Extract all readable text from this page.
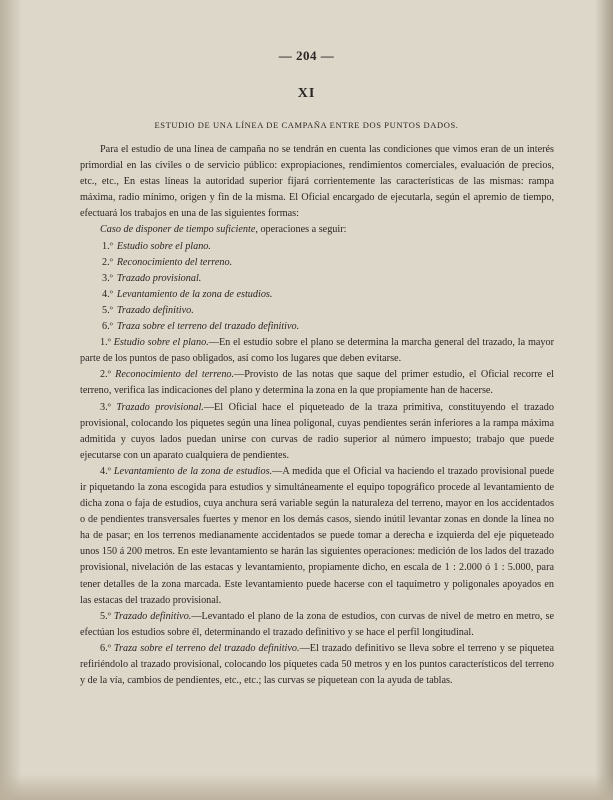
— 204 —
XI
ESTUDIO DE UNA LÍNEA DE CAMPAÑA ENTRE DOS PUNTOS DADOS.

Para el estudio de una línea de campaña no se tendrán en cuenta las condiciones que vimos eran de un interés primordial en las civiles o de servicio público: expropiaciones, rendimientos comerciales, evaluación de precios, etc., etc., En estas líneas la autoridad superior fijará corrientemente las características de las mismas: rampa máxima, radio mínimo, origen y fin de la misma. El Oficial encargado de ejecutarla, según el apremio de tiempo, efectuará los trabajos en una de las siguientes formas:

Caso de disponer de tiempo suficiente, operaciones a seguir:

1.º Estudio sobre el plano.
2.º Reconocimiento del terreno.
3.º Trazado provisional.
4.º Levantamiento de la zona de estudios.
5.º Trazado definitivo.
6.º Traza sobre el terreno del trazado definitivo.

1.º Estudio sobre el plano.—En el estudio sobre el plano se determina la marcha general del trazado, la mayor parte de los puntos de paso obligados, así como los lugares que deben evitarse.

2.º Reconocimiento del terreno.—Provisto de las notas que saque del primer estudio, el Oficial recorre el terreno, verifica las indicaciones del plano y determina la zona en la que propiamente han de hacerse.

3.º Trazado provisional.—El Oficial hace el piqueteado de la traza primitiva, constituyendo el trazado provisional, colocando los piquetes según una línea poligonal, cuyas pendientes serán inferiores a la rampa máxima admitida y cuyos lados puedan unirse con curvas de radio superior al número impuesto; trabajo que puede ejecutarse con un aparato cualquiera de pendientes.

4.º Levantamiento de la zona de estudios.—A medida que el Oficial va haciendo el trazado provisional puede ir piquetando la zona escogida para estudios y simultáneamente el equipo topográfico procede al levantamiento de dicha zona o faja de estudios, cuya anchura será variable según la naturaleza del terreno, mayor en los accidentados o de pendientes transversales fuertes y menor en los demás casos, siendo inútil levantar zonas en donde la línea no ha de pasar; en los terrenos medianamente accidentados se puede tomar a derecha e izquierda del eje piqueteado unos 150 á 200 metros. En este levantamiento se harán las siguientes operaciones: medición de los lados del trazado provisional, nivelación de las estacas y levantamiento, propiamente dicho, en escala de 1 : 2.000 ó 1 : 5.000, para tener detalles de la zona marcada. Este levantamiento puede hacerse con el taquímetro y poligonales apoyados en las estacas del trazado provisional.

5.º Trazado definitivo.—Levantado el plano de la zona de estudios, con curvas de nivel de metro en metro, se efectúan los estudios sobre él, determinando el trazado definitivo y se hace el perfil longitudinal.

6.º Traza sobre el terreno del trazado definitivo.—El trazado definitivo se lleva sobre el terreno y se piquetea refiriéndolo al trazado provisional, colocando los piquetes cada 50 metros y en los puntos característicos del terreno y de la vía, cambios de pendientes, etc., etc.; las curvas se piquetean con la ayuda de tablas.
